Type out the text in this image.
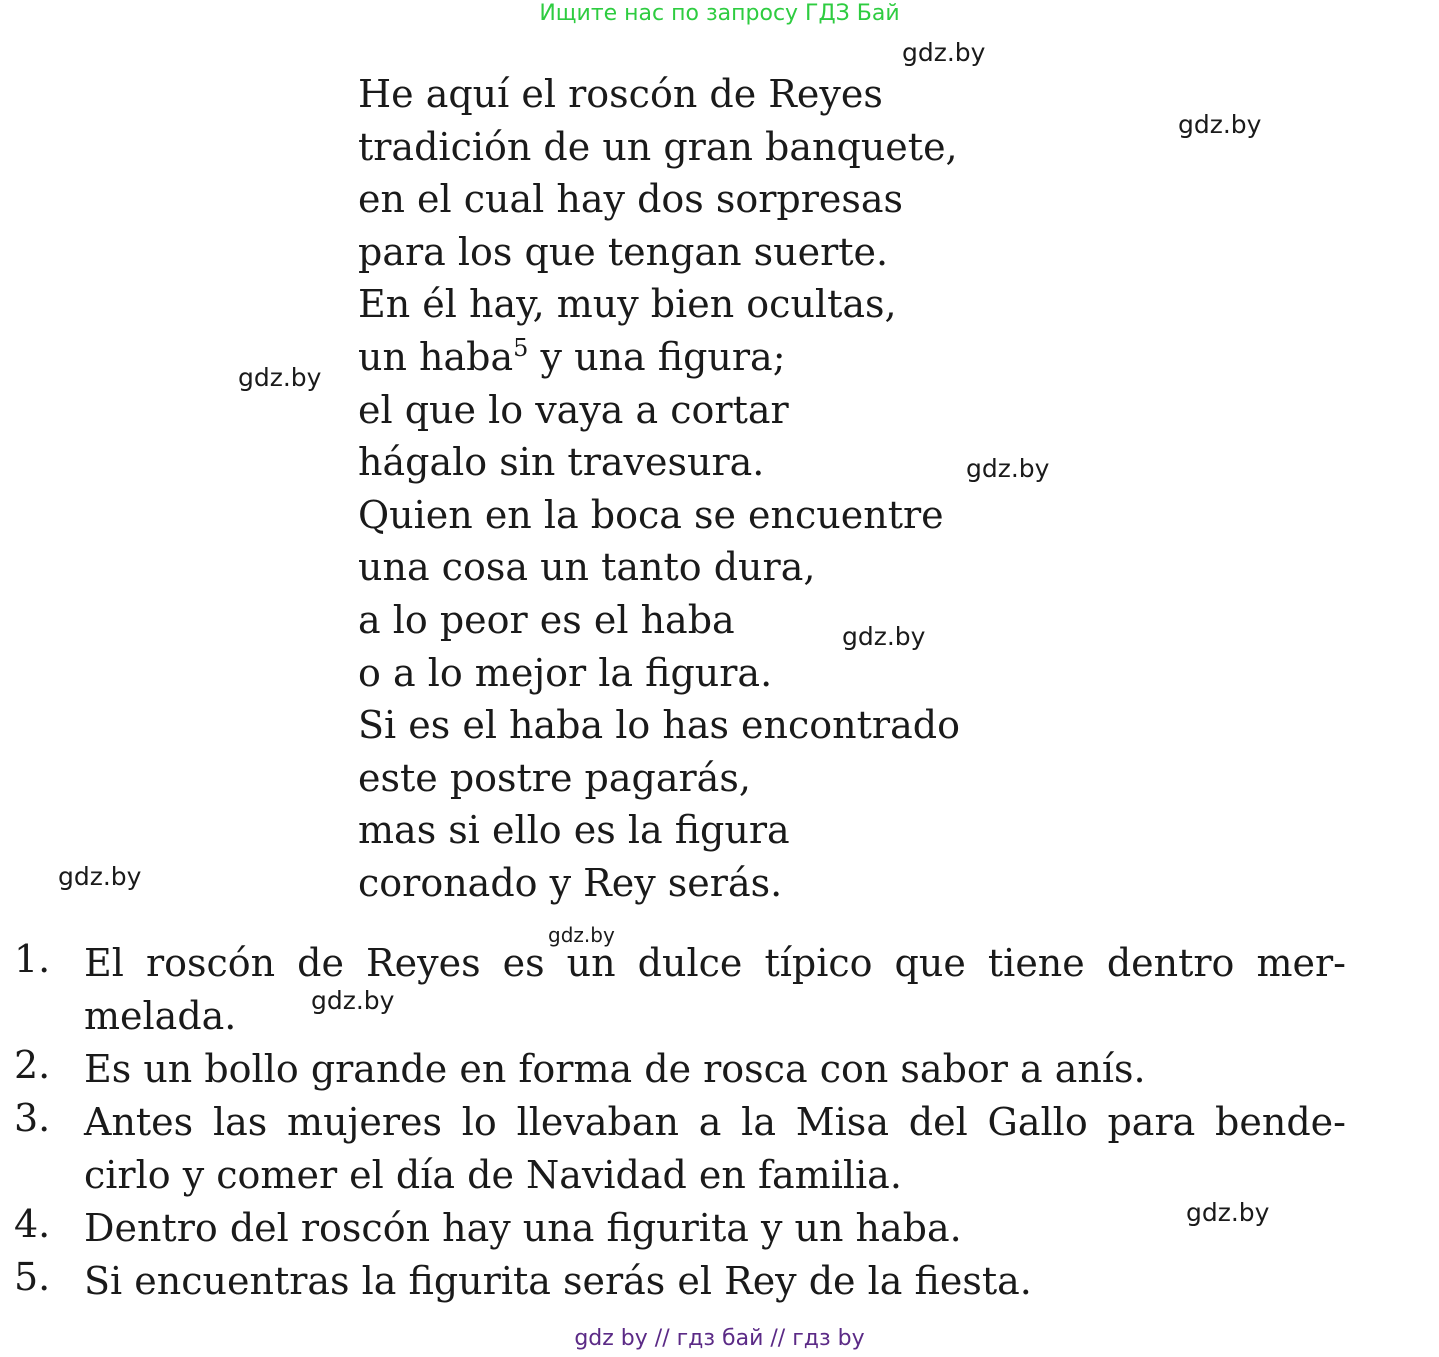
Ищите нас по запросу ГДЗ Бай
He aquí el roscón de Reyes
tradición de un gran banquete,
en el cual hay dos sorpresas
para los que tengan suerte.
En él hay, muy bien ocultas,
un haba$^5$ y una figura;
el que lo vaya a cortar
hágalo sin travesura.
Quien en la boca se encuentre
una cosa un tanto dura,
a lo peor es el haba
o a lo mejor la figura.
Si es el haba lo has encontrado
este postre pagarás,
mas si ello es la figura
coronado y Rey serás.
1. El roscón de Reyes es un dulce típico que tiene dentro mer-
melada.
2. Es un bollo grande en forma de rosca con sabor a anís.
3. Antes las mujeres lo llevaban a la Misa del Gallo para bende-
cirlo y comer el día de Navidad en familia.
4. Dentro del roscón hay una figurita y un haba.
5. Si encuentras la figurita serás el Rey de la fiesta.
gdz.by
gdz.by
gdz.by
gdz.by
gdz.by
gdz.by
gdz.by
gdz.by
gdz.by
gdz by // гдз бай // гдз by
